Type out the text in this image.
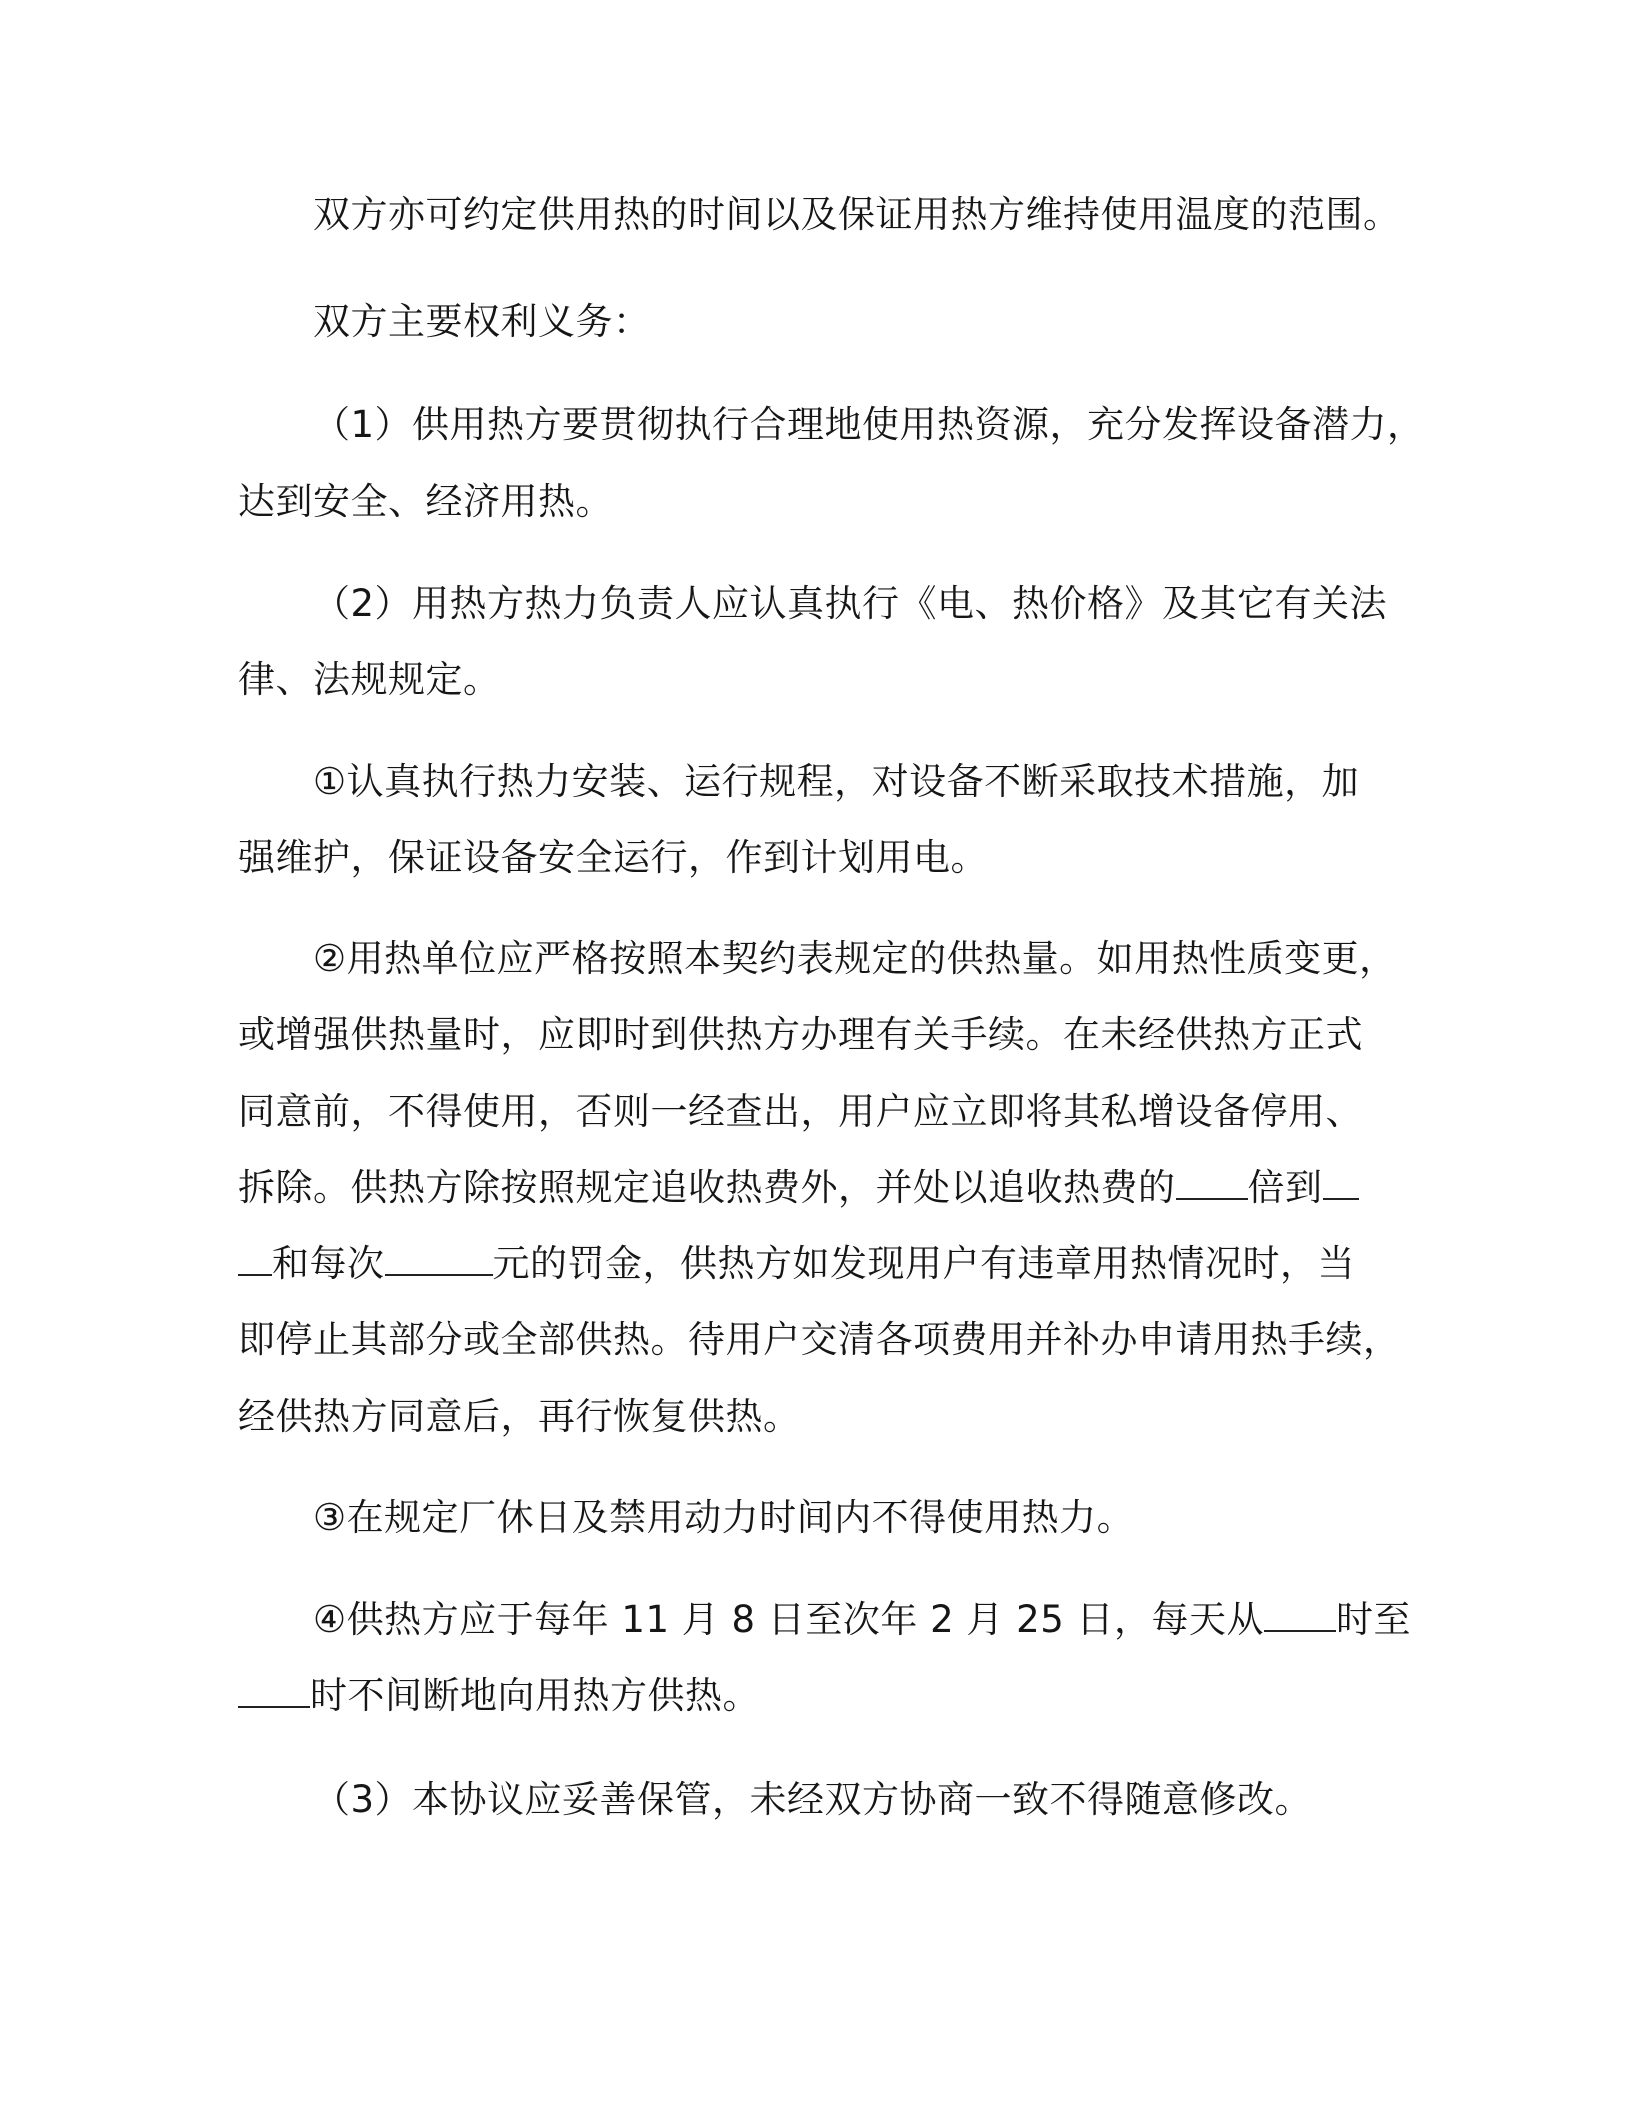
双方亦可约定供用热的时间以及保证用热方维持使用温度的范围。
双方主要权利义务：
（1）供用热方要贯彻执行合理地使用热资源，充分发挥设备潜力，
达到安全、经济用热。
（2）用热方热力负责人应认真执行《电、热价格》及其它有关法
律、法规规定。
①认真执行热力安装、运行规程，对设备不断采取技术措施，加
强维护，保证设备安全运行，作到计划用电。
②用热单位应严格按照本契约表规定的供热量。如用热性质变更，
或增强供热量时，应即时到供热方办理有关手续。在未经供热方正式
同意前，不得使用，否则一经查出，用户应立即将其私增设备停用、
拆除。供热方除按照规定追收热费外，并处以追收热费的 倍到
和每次	元的罚金，供热方如发现用户有违章用热情况时，当
即停止其部分或全部供热。待用户交清各项费用并补办申请用热手续，
经供热方同意后，再行恢复供热。
③在规定厂休日及禁用动力时间内不得使用热力。
④供热方应于每年 11 月 8 日至次年 2 月 25 日，每天从 时至
时不间断地向用热方供热。
（3）本协议应妥善保管，未经双方协商一致不得随意修改。
